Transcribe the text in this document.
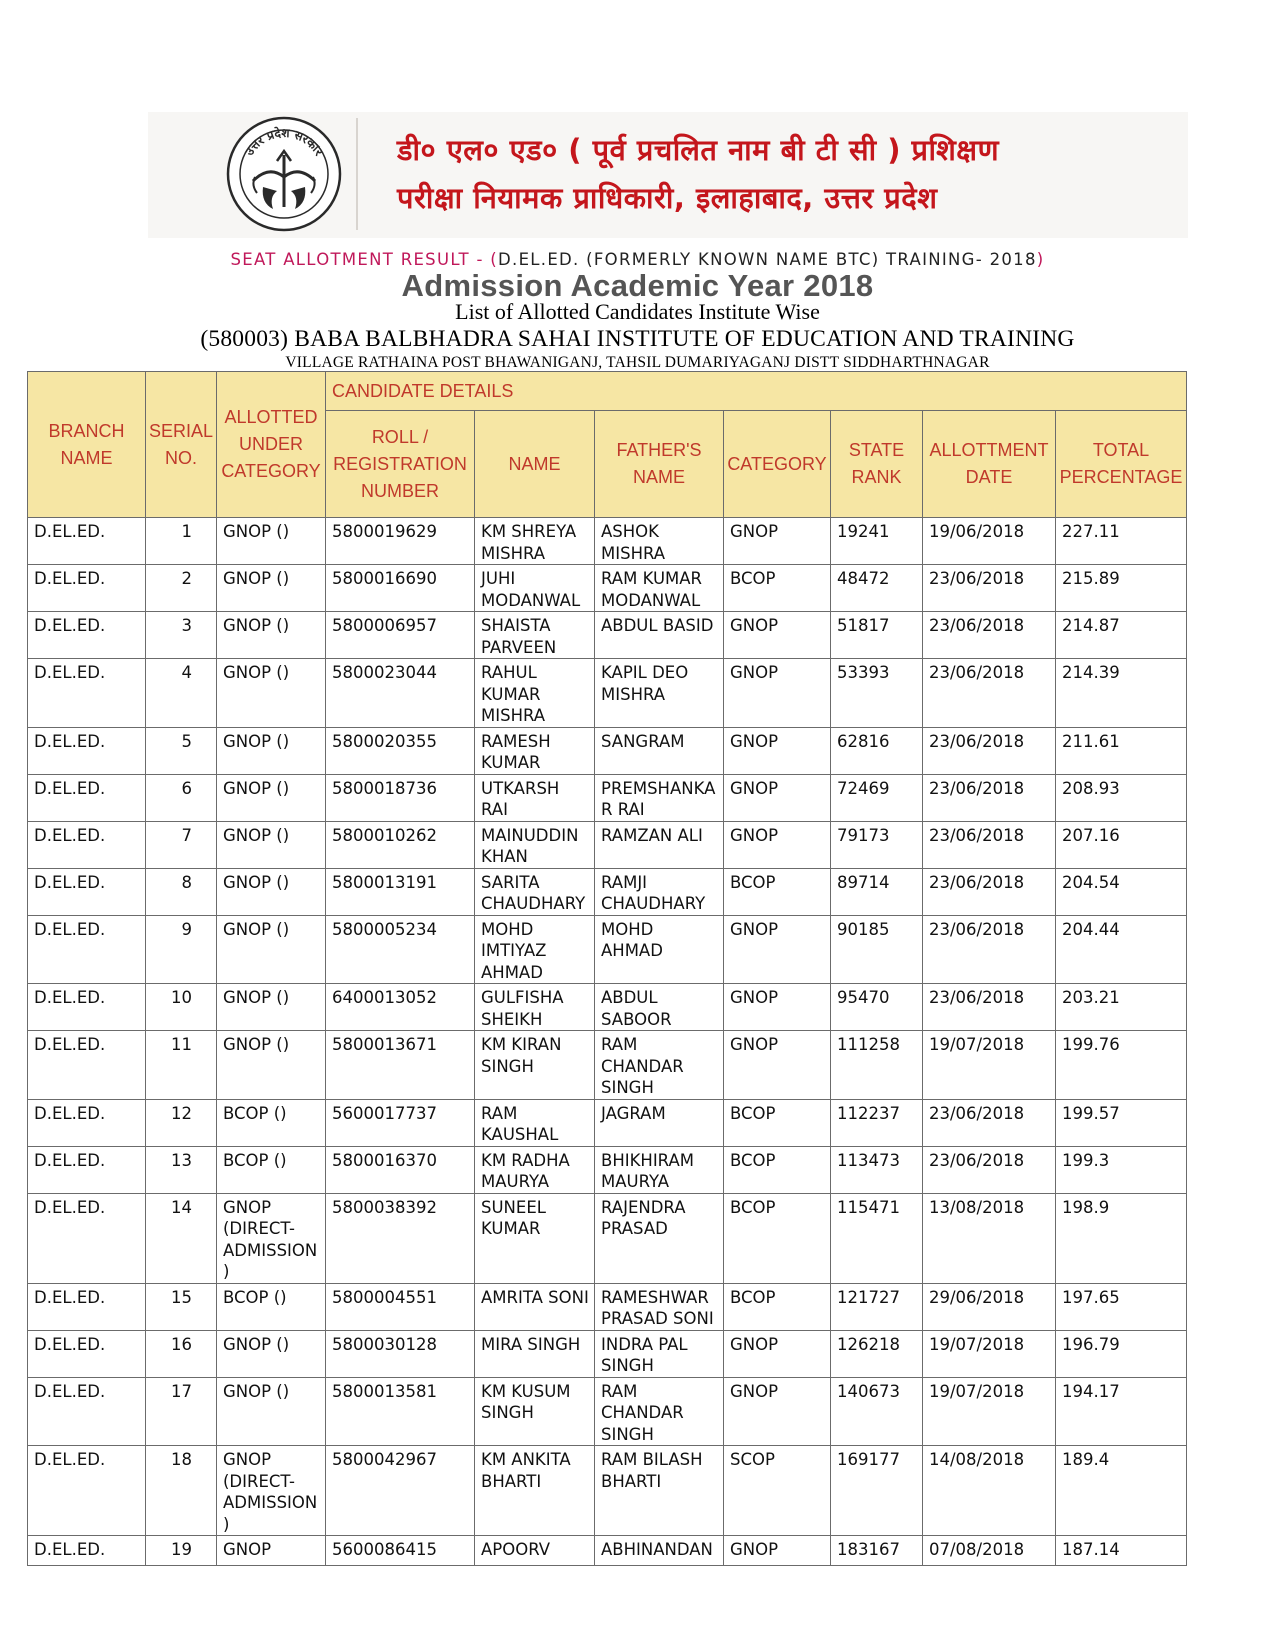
उत्तर प्रदेश सरकार डी० एल० एड० ( पूर्व प्रचलित नाम बी टी सी ) प्रशिक्षण
परीक्षा नियामक प्राधिकारी, इलाहाबाद, उत्तर प्रदेश
SEAT ALLOTMENT RESULT - (D.EL.ED. (FORMERLY KNOWN NAME BTC) TRAINING- 2018)
Admission Academic Year 2018
List of Allotted Candidates Institute Wise
(580003) BABA BALBHADRA SAHAI INSTITUTE OF EDUCATION AND TRAINING
VILLAGE RATHAINA POST BHAWANIGANJ, TAHSIL DUMARIYAGANJ DISTT SIDDHARTHNAGAR
BRANCH NAME	SERIAL NO.	ALLOTTED UNDER CATEGORY	CANDIDATE DETAILS						
			ROLL / REGISTRATION NUMBER	NAME	FATHER'S NAME	CATEGORY	STATE RANK	ALLOTTMENT DATE	TOTAL PERCENTAGE
D.EL.ED.	1	GNOP ()	5800019629	KM SHREYA MISHRA	ASHOK MISHRA	GNOP	19241	19/06/2018	227.11
D.EL.ED.	2	GNOP ()	5800016690	JUHI MODANWAL	RAM KUMAR MODANWAL	BCOP	48472	23/06/2018	215.89
D.EL.ED.	3	GNOP ()	5800006957	SHAISTA PARVEEN	ABDUL BASID	GNOP	51817	23/06/2018	214.87
D.EL.ED.	4	GNOP ()	5800023044	RAHUL KUMAR MISHRA	KAPIL DEO MISHRA	GNOP	53393	23/06/2018	214.39
D.EL.ED.	5	GNOP ()	5800020355	RAMESH KUMAR	SANGRAM	GNOP	62816	23/06/2018	211.61
D.EL.ED.	6	GNOP ()	5800018736	UTKARSH RAI	PREMSHANKAR RAI	GNOP	72469	23/06/2018	208.93
D.EL.ED.	7	GNOP ()	5800010262	MAINUDDIN KHAN	RAMZAN ALI	GNOP	79173	23/06/2018	207.16
D.EL.ED.	8	GNOP ()	5800013191	SARITA CHAUDHARY	RAMJI CHAUDHARY	BCOP	89714	23/06/2018	204.54
D.EL.ED.	9	GNOP ()	5800005234	MOHD IMTIYAZ AHMAD	MOHD AHMAD	GNOP	90185	23/06/2018	204.44
D.EL.ED.	10	GNOP ()	6400013052	GULFISHA SHEIKH	ABDUL SABOOR	GNOP	95470	23/06/2018	203.21
D.EL.ED.	11	GNOP ()	5800013671	KM KIRAN SINGH	RAM CHANDAR SINGH	GNOP	111258	19/07/2018	199.76
D.EL.ED.	12	BCOP ()	5600017737	RAM KAUSHAL	JAGRAM	BCOP	112237	23/06/2018	199.57
D.EL.ED.	13	BCOP ()	5800016370	KM RADHA MAURYA	BHIKHIRAM MAURYA	BCOP	113473	23/06/2018	199.3
D.EL.ED.	14	GNOP (DIRECT-ADMISSION)	5800038392	SUNEEL KUMAR	RAJENDRA PRASAD	BCOP	115471	13/08/2018	198.9
D.EL.ED.	15	BCOP ()	5800004551	AMRITA SONI	RAMESHWAR PRASAD SONI	BCOP	121727	29/06/2018	197.65
D.EL.ED.	16	GNOP ()	5800030128	MIRA SINGH	INDRA PAL SINGH	GNOP	126218	19/07/2018	196.79
D.EL.ED.	17	GNOP ()	5800013581	KM KUSUM SINGH	RAM CHANDAR SINGH	GNOP	140673	19/07/2018	194.17
D.EL.ED.	18	GNOP (DIRECT-ADMISSION)	5800042967	KM ANKITA BHARTI	RAM BILASH BHARTI	SCOP	169177	14/08/2018	189.4
D.EL.ED.	19	GNOP	5600086415	APOORV	ABHINANDAN	GNOP	183167	07/08/2018	187.14
